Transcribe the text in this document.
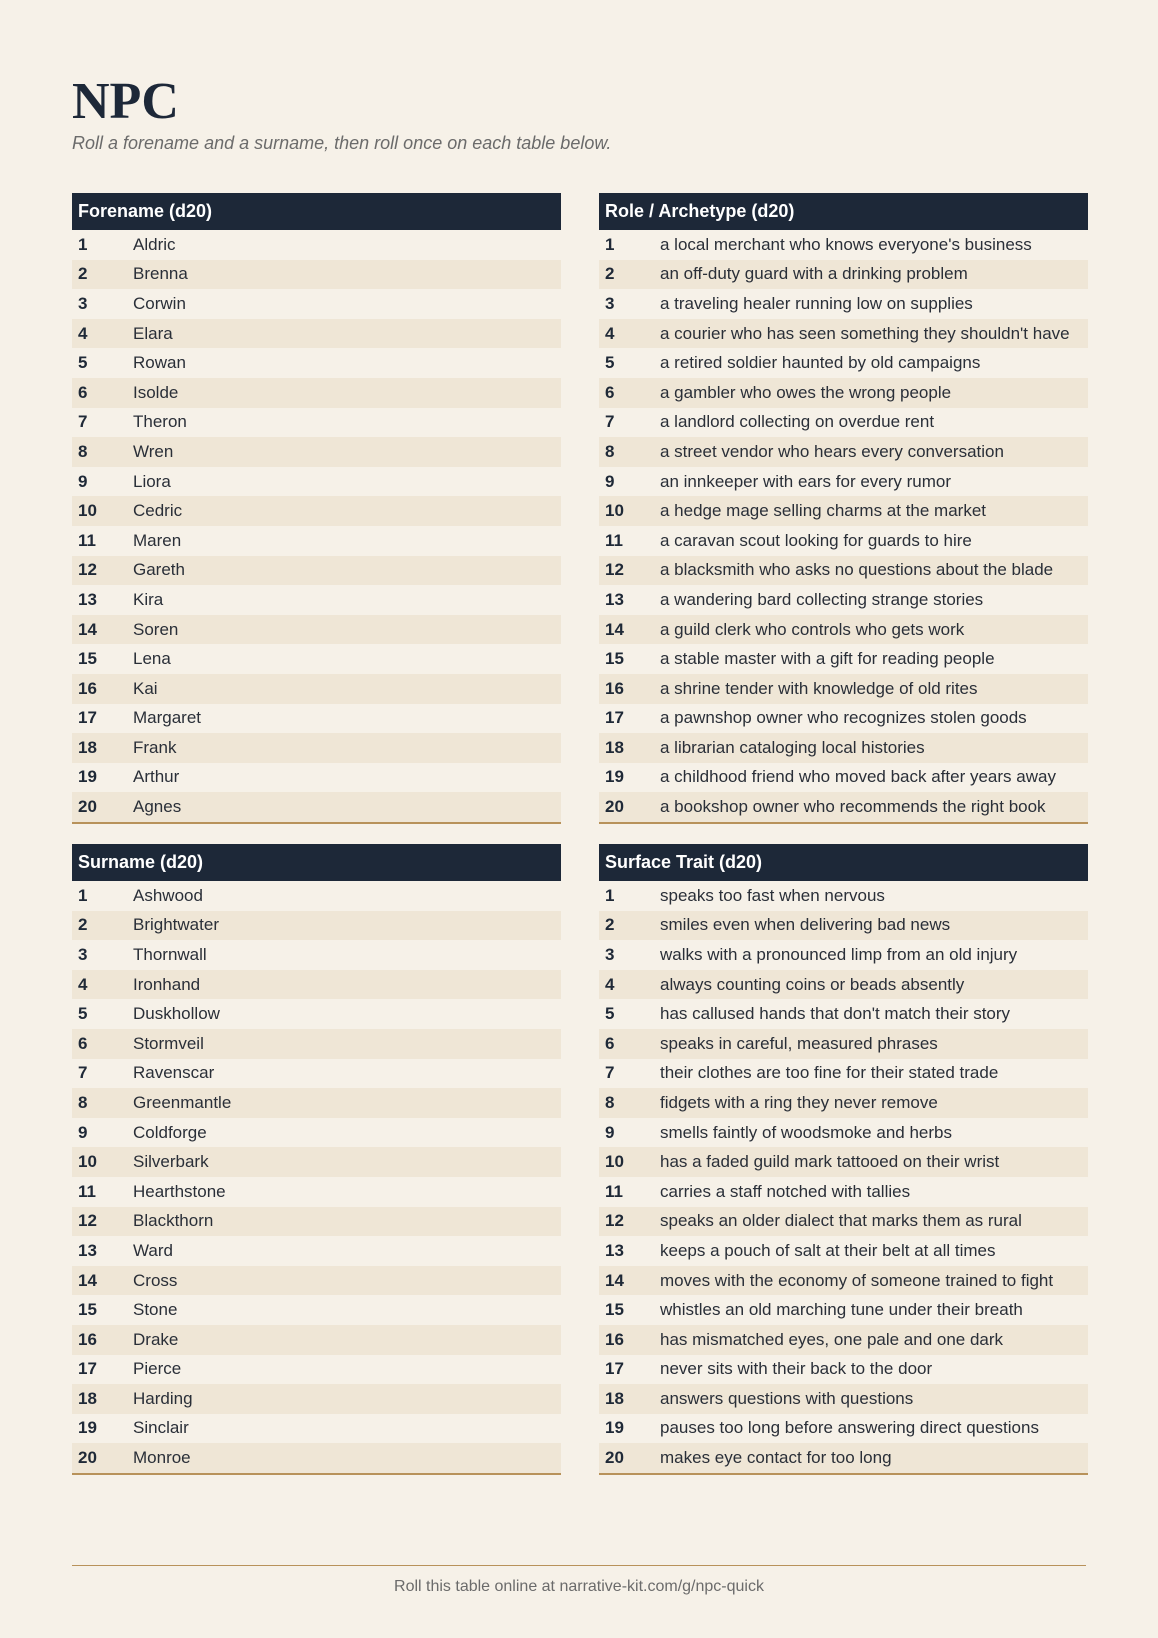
NPC

Roll a forename and a surname, then roll once on each table below.

Forename (d20)
1	Aldric
2	Brenna
3	Corwin
4	Elara
5	Rowan
6	Isolde
7	Theron
8	Wren
9	Liora
10	Cedric
11	Maren
12	Gareth
13	Kira
14	Soren
15	Lena
16	Kai
17	Margaret
18	Frank
19	Arthur
20	Agnes
Role / Archetype (d20)
1	a local merchant who knows everyone's business
2	an off-duty guard with a drinking problem
3	a traveling healer running low on supplies
4	a courier who has seen something they shouldn't have
5	a retired soldier haunted by old campaigns
6	a gambler who owes the wrong people
7	a landlord collecting on overdue rent
8	a street vendor who hears every conversation
9	an innkeeper with ears for every rumor
10	a hedge mage selling charms at the market
11	a caravan scout looking for guards to hire
12	a blacksmith who asks no questions about the blade
13	a wandering bard collecting strange stories
14	a guild clerk who controls who gets work
15	a stable master with a gift for reading people
16	a shrine tender with knowledge of old rites
17	a pawnshop owner who recognizes stolen goods
18	a librarian cataloging local histories
19	a childhood friend who moved back after years away
20	a bookshop owner who recommends the right book
Surname (d20)
1	Ashwood
2	Brightwater
3	Thornwall
4	Ironhand
5	Duskhollow
6	Stormveil
7	Ravenscar
8	Greenmantle
9	Coldforge
10	Silverbark
11	Hearthstone
12	Blackthorn
13	Ward
14	Cross
15	Stone
16	Drake
17	Pierce
18	Harding
19	Sinclair
20	Monroe
Surface Trait (d20)
1	speaks too fast when nervous
2	smiles even when delivering bad news
3	walks with a pronounced limp from an old injury
4	always counting coins or beads absently
5	has callused hands that don't match their story
6	speaks in careful, measured phrases
7	their clothes are too fine for their stated trade
8	fidgets with a ring they never remove
9	smells faintly of woodsmoke and herbs
10	has a faded guild mark tattooed on their wrist
11	carries a staff notched with tallies
12	speaks an older dialect that marks them as rural
13	keeps a pouch of salt at their belt at all times
14	moves with the economy of someone trained to fight
15	whistles an old marching tune under their breath
16	has mismatched eyes, one pale and one dark
17	never sits with their back to the door
18	answers questions with questions
19	pauses too long before answering direct questions
20	makes eye contact for too long
Roll this table online at narrative-kit.com/g/npc-quick
